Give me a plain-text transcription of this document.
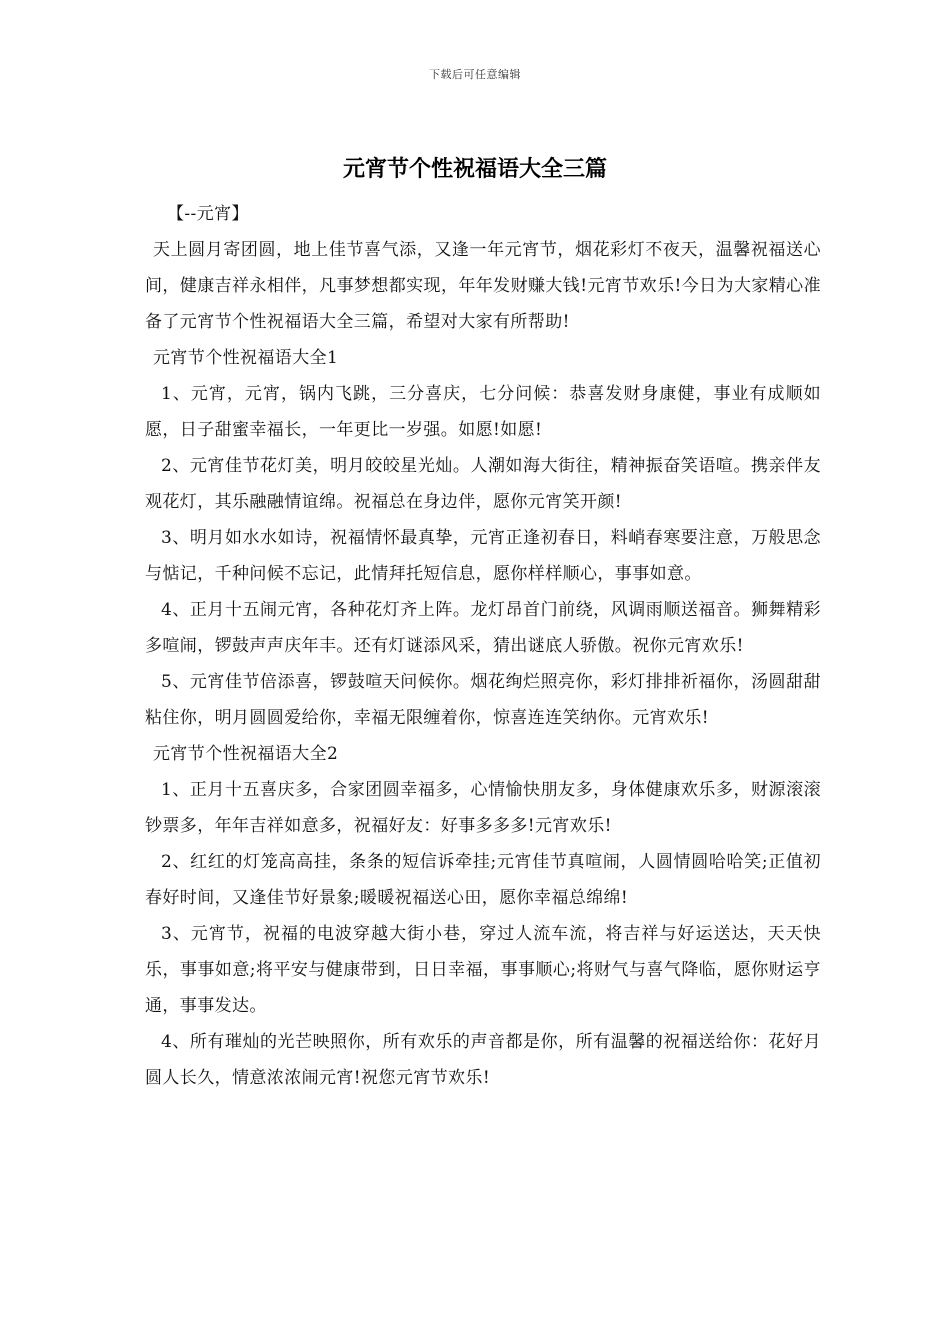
下载后可任意编辑
元宵节个性祝福语大全三篇

【--元宵】

天上圆月寄团圆，地上佳节喜气添，又逢一年元宵节，烟花彩灯不夜天，温馨祝福送心间，健康吉祥永相伴，凡事梦想都实现，年年发财赚大钱!元宵节欢乐!今日为大家精心准备了元宵节个性祝福语大全三篇，希望对大家有所帮助!

元宵节个性祝福语大全1

1、元宵，元宵，锅内飞跳，三分喜庆，七分问候：恭喜发财身康健，事业有成顺如愿，日子甜蜜幸福长，一年更比一岁强。如愿!如愿!

2、元宵佳节花灯美，明月皎皎星光灿。人潮如海大街往，精神振奋笑语喧。携亲伴友观花灯，其乐融融情谊绵。祝福总在身边伴，愿你元宵笑开颜!

3、明月如水水如诗，祝福情怀最真挚，元宵正逢初春日，料峭春寒要注意，万般思念与惦记，千种问候不忘记，此情拜托短信息，愿你样样顺心，事事如意。

4、正月十五闹元宵，各种花灯齐上阵。龙灯昂首门前绕，风调雨顺送福音。狮舞精彩多喧闹，锣鼓声声庆年丰。还有灯谜添风采，猜出谜底人骄傲。祝你元宵欢乐!

5、元宵佳节倍添喜，锣鼓喧天问候你。烟花绚烂照亮你，彩灯排排祈福你，汤圆甜甜粘住你，明月圆圆爱给你，幸福无限缠着你，惊喜连连笑纳你。元宵欢乐!

元宵节个性祝福语大全2

1、正月十五喜庆多，合家团圆幸福多，心情愉快朋友多，身体健康欢乐多，财源滚滚钞票多，年年吉祥如意多，祝福好友：好事多多多!元宵欢乐!

2、红红的灯笼高高挂，条条的短信诉牵挂;元宵佳节真喧闹，人圆情圆哈哈笑;正值初春好时间，又逢佳节好景象;暖暖祝福送心田，愿你幸福总绵绵!

3、元宵节，祝福的电波穿越大街小巷，穿过人流车流，将吉祥与好运送达，天天快乐，事事如意;将平安与健康带到，日日幸福，事事顺心;将财气与喜气降临，愿你财运亨通，事事发达。

4、所有璀灿的光芒映照你，所有欢乐的声音都是你，所有温馨的祝福送给你：花好月圆人长久，情意浓浓闹元宵!祝您元宵节欢乐!
